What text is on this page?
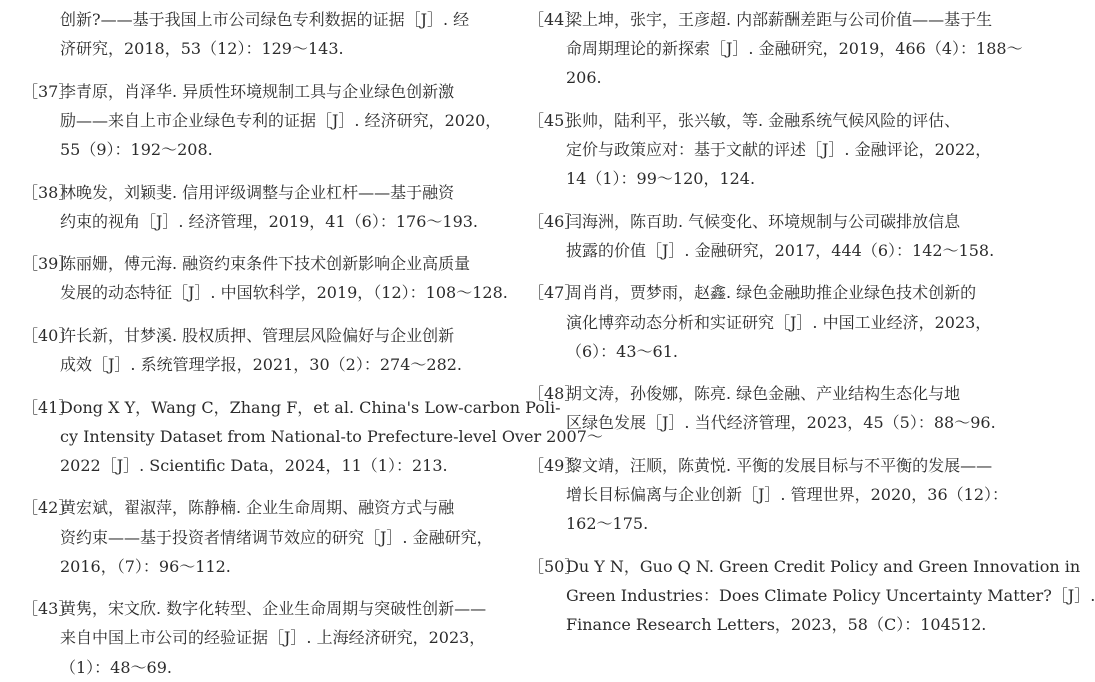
创新?——基于我国上市公司绿色专利数据的证据［J］. 经
济研究，2018，53（12）：129～143.
［37］
李青原，肖泽华. 异质性环境规制工具与企业绿色创新激
励——来自上市企业绿色专利的证据［J］. 经济研究，2020，
55（9）：192～208.
［38］
林晚发，刘颖斐. 信用评级调整与企业杠杆——基于融资
约束的视角［J］. 经济管理，2019，41（6）：176～193.
［39］
陈丽姗，傅元海. 融资约束条件下技术创新影响企业高质量
发展的动态特征［J］. 中国软科学，2019，（12）：108～128.
［40］
许长新，甘梦溪. 股权质押、管理层风险偏好与企业创新
成效［J］. 系统管理学报，2021，30（2）：274～282.
［41］
Dong X Y，Wang C，Zhang F，et al. China's Low-carbon Poli-
cy Intensity Dataset from National-to Prefecture-level Over 2007～
2022［J］. Scientific Data，2024，11（1）：213.
［42］
黄宏斌，翟淑萍，陈静楠. 企业生命周期、融资方式与融
资约束——基于投资者情绪调节效应的研究［J］. 金融研究，
2016，（7）：96～112.
［43］
黄隽，宋文欣. 数字化转型、企业生命周期与突破性创新——
来自中国上市公司的经验证据［J］. 上海经济研究，2023，
（1）：48～69.
［44］
梁上坤，张宇，王彦超. 内部薪酬差距与公司价值——基于生
命周期理论的新探索［J］. 金融研究，2019，466（4）：188～
206.
［45］
张帅，陆利平，张兴敏，等. 金融系统气候风险的评估、
定价与政策应对：基于文献的评述［J］. 金融评论，2022，
14（1）：99～120，124.
［46］
闫海洲，陈百助. 气候变化、环境规制与公司碳排放信息
披露的价值［J］. 金融研究，2017，444（6）：142～158.
［47］
周肖肖，贾梦雨，赵鑫. 绿色金融助推企业绿色技术创新的
演化博弈动态分析和实证研究［J］. 中国工业经济，2023，
（6）：43～61.
［48］
胡文涛，孙俊娜，陈亮. 绿色金融、产业结构生态化与地
区绿色发展［J］. 当代经济管理，2023，45（5）：88～96.
［49］
黎文靖，汪顺，陈黄悦. 平衡的发展目标与不平衡的发展——
增长目标偏离与企业创新［J］. 管理世界，2020，36（12）：
162～175.
［50］
Du Y N，Guo Q N. Green Credit Policy and Green Innovation in
Green Industries：Does Climate Policy Uncertainty Matter?［J］.
Finance Research Letters，2023，58（C）：104512.
